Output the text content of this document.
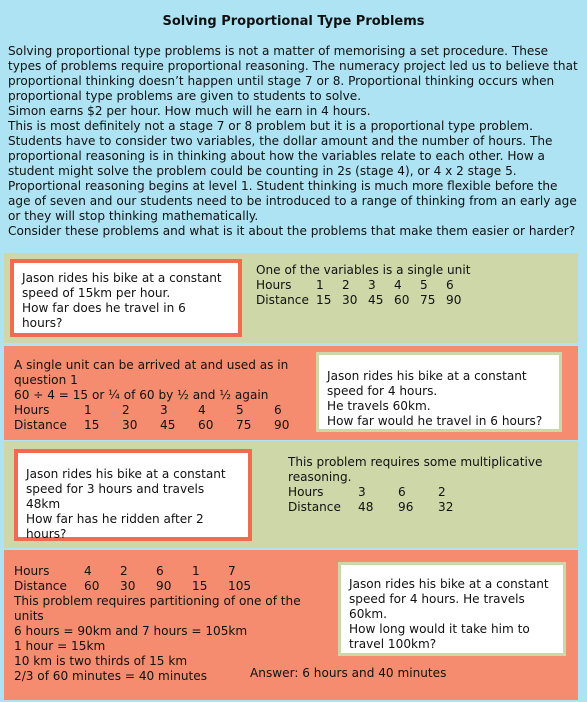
Solving Proportional Type Problems

Solving proportional type problems is not a matter of memorising a set procedure. These types of problems require proportional reasoning. The numeracy project led us to believe that proportional thinking doesn’t happen until stage 7 or 8. Proportional thinking occurs when proportional type problems are given to students to solve.

Simon earns $2 per hour. How much will he earn in 4 hours.

This is most definitely not a stage 7 or 8 problem but it is a proportional type problem. Students have to consider two variables, the dollar amount and the number of hours. The proportional reasoning is in thinking about how the variables relate to each other. How a student might solve the problem could be counting in 2s (stage 4), or 4 x 2 stage 5. Proportional reasoning begins at level 1. Student thinking is much more flexible before the age of seven and our students need to be introduced to a range of thinking from an early age or they will stop thinking mathematically.

Consider these problems and what is it about the problems that make them easier or harder?

Jason rides his bike at a constant
speed of 15km per hour.
How far does he travel in 6 hours?
One of the variables is a single unit
Hours	1	2	3	4	5	6
Distance	15	30	45	60	75	90
A single unit can be arrived at and used as in
question 1
60 ÷ 4 = 15 or ¼ of 60 by ½ and ½ again
Hours	1	2	3	4	5	6
Distance	15	30	45	60	75	90
Jason rides his bike at a constant
speed for 4 hours.
He travels 60km.
How far would he travel in 6 hours?
Jason rides his bike at a constant
speed for 3 hours and travels
48km
How far has he ridden after 2
hours?
This problem requires some multiplicative
reasoning.
Hours	3	6	2
Distance	48	96	32
Hours	4	2	6	1	7
Distance	60	30	90	15	105
This problem requires partitioning of one of the
units
6 hours = 90km and 7 hours = 105km
1 hour = 15km
10 km is two thirds of 15 km
2/3 of 60 minutes = 40 minutes
Jason rides his bike at a constant
speed for 4 hours. He travels
60km.
How long would it take him to
travel 100km?
Answer: 6 hours and 40 minutes
